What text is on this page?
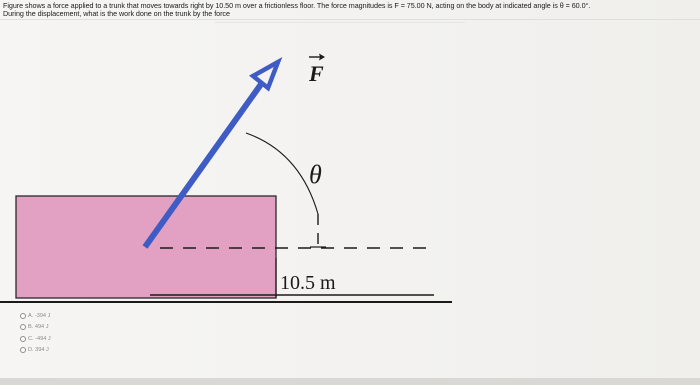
Figure shows a force applied to a trunk that moves towards right by 10.50 m over a frictionless floor. The force magnitudes is F = 75.00 N, acting on the body at indicated angle is θ = 60.0°.
During the displacement, what is the work done on the trunk by the force
F
θ
10.5 m
A. -394 J
B. 494 J
C. -494 J
D. 394 J
